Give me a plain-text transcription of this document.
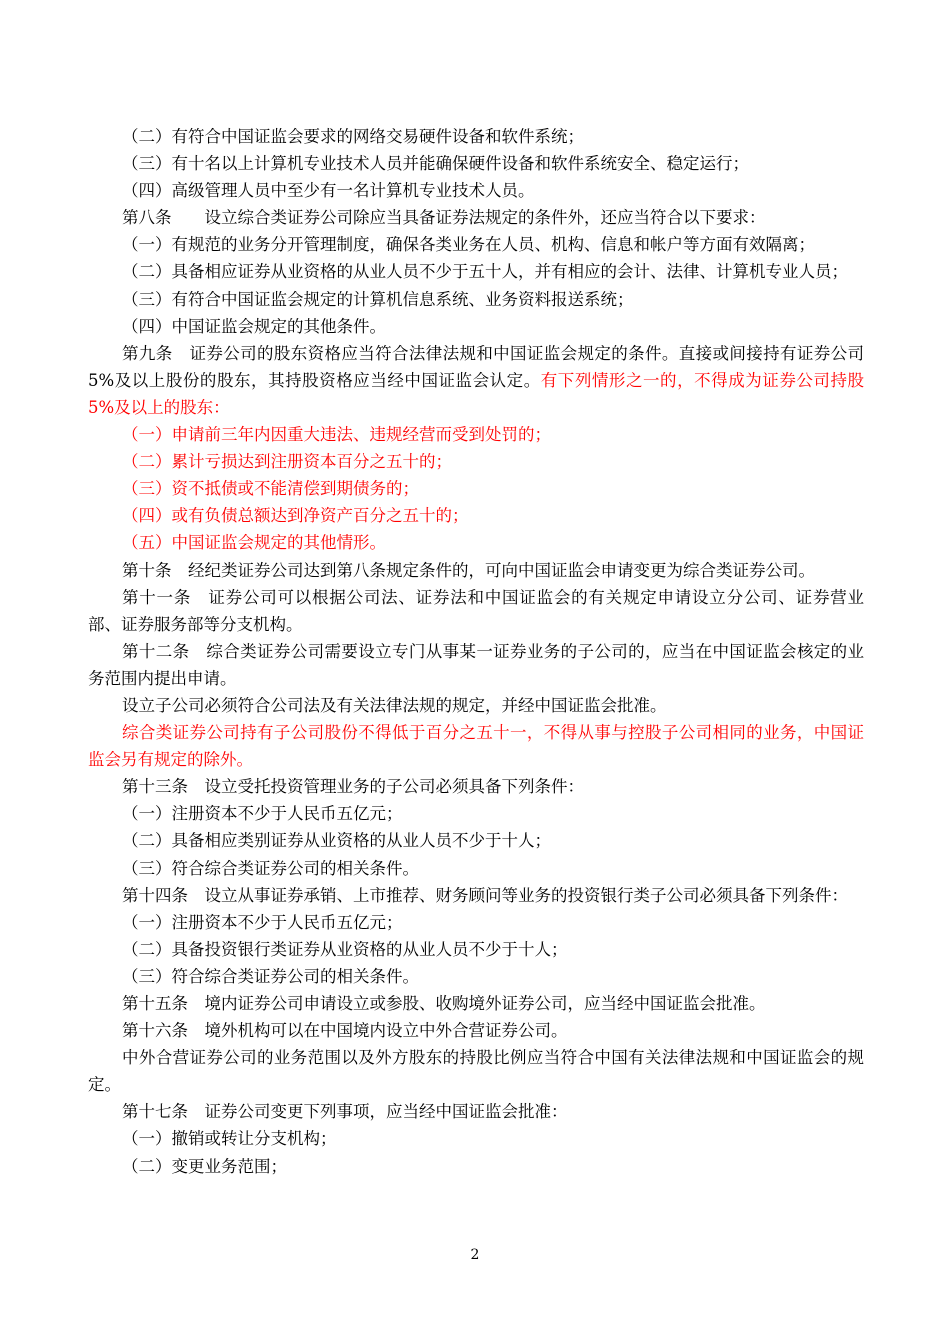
（二）有符合中国证监会要求的网络交易硬件设备和软件系统；

（三）有十名以上计算机专业技术人员并能确保硬件设备和软件系统安全、稳定运行；

（四）高级管理人员中至少有一名计算机专业技术人员。

第八条　　设立综合类证券公司除应当具备证券法规定的条件外，还应当符合以下要求：

（一）有规范的业务分开管理制度，确保各类业务在人员、机构、信息和帐户等方面有效隔离；

（二）具备相应证券从业资格的从业人员不少于五十人，并有相应的会计、法律、计算机专业人员；

（三）有符合中国证监会规定的计算机信息系统、业务资料报送系统；

（四）中国证监会规定的其他条件。

第九条　证券公司的股东资格应当符合法律法规和中国证监会规定的条件。直接或间接持有证券公司5%及以上股份的股东，其持股资格应当经中国证监会认定。有下列情形之一的，不得成为证券公司持股5%及以上的股东：

（一）申请前三年内因重大违法、违规经营而受到处罚的；

（二）累计亏损达到注册资本百分之五十的；

（三）资不抵债或不能清偿到期债务的；

（四）或有负债总额达到净资产百分之五十的；

（五）中国证监会规定的其他情形。

第十条　经纪类证券公司达到第八条规定条件的，可向中国证监会申请变更为综合类证券公司。

第十一条　证券公司可以根据公司法、证券法和中国证监会的有关规定申请设立分公司、证券营业部、证券服务部等分支机构。

第十二条　综合类证券公司需要设立专门从事某一证券业务的子公司的，应当在中国证监会核定的业务范围内提出申请。

设立子公司必须符合公司法及有关法律法规的规定，并经中国证监会批准。

综合类证券公司持有子公司股份不得低于百分之五十一，不得从事与控股子公司相同的业务，中国证监会另有规定的除外。

第十三条　设立受托投资管理业务的子公司必须具备下列条件：

（一）注册资本不少于人民币五亿元；

（二）具备相应类别证券从业资格的从业人员不少于十人；

（三）符合综合类证券公司的相关条件。

第十四条　设立从事证券承销、上市推荐、财务顾问等业务的投资银行类子公司必须具备下列条件：

（一）注册资本不少于人民币五亿元；

（二）具备投资银行类证券从业资格的从业人员不少于十人；

（三）符合综合类证券公司的相关条件。

第十五条　境内证券公司申请设立或参股、收购境外证券公司，应当经中国证监会批准。

第十六条　境外机构可以在中国境内设立中外合营证券公司。

中外合营证券公司的业务范围以及外方股东的持股比例应当符合中国有关法律法规和中国证监会的规定。

第十七条　证券公司变更下列事项，应当经中国证监会批准：

（一）撤销或转让分支机构；

（二）变更业务范围；

2
